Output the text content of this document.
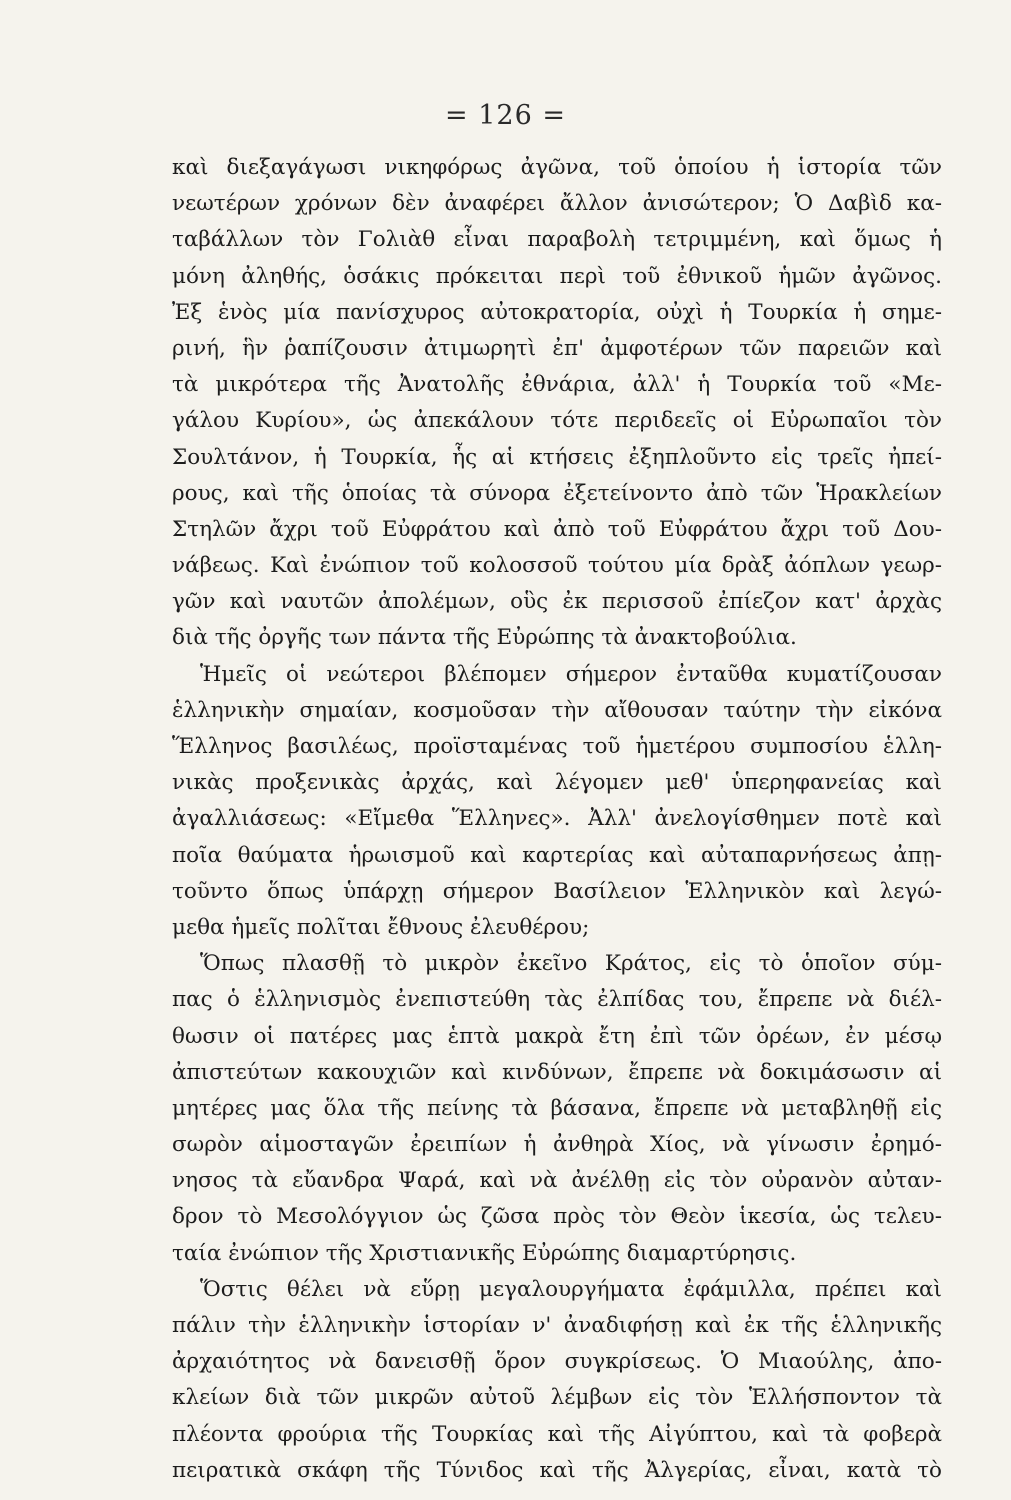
= 126 =
καὶ διεξαγάγωσι νικηφόρως ἀγῶνα, τοῦ ὁποίου ἡ ἱστορία τῶν
νεωτέρων χρόνων δὲν ἀναφέρει ἄλλον ἀνισώτερον; Ὁ Δαβὶδ κα-
ταβάλλων τὸν Γολιὰθ εἶναι παραβολὴ τετριμμένη, καὶ ὅμως ἡ
μόνη ἀληθής, ὁσάκις πρόκειται περὶ τοῦ ἐθνικοῦ ἡμῶν ἀγῶνος.
Ἐξ ἑνὸς μία πανίσχυρος αὐτοκρατορία, οὐχὶ ἡ Τουρκία ἡ σημε-
ρινή, ἣν ῥαπίζουσιν ἀτιμωρητὶ ἐπ' ἀμφοτέρων τῶν παρειῶν καὶ
τὰ μικρότερα τῆς Ἀνατολῆς ἐθνάρια, ἀλλ' ἡ Τουρκία τοῦ «Με-
γάλου Κυρίου», ὡς ἀπεκάλουν τότε περιδεεῖς οἱ Εὐρωπαῖοι τὸν
Σουλτάνον, ἡ Τουρκία, ἧς αἱ κτήσεις ἐξηπλοῦντο εἰς τρεῖς ἠπεί-
ρους, καὶ τῆς ὁποίας τὰ σύνορα ἐξετείνοντο ἀπὸ τῶν Ἡρακλείων
Στηλῶν ἄχρι τοῦ Εὐφράτου καὶ ἀπὸ τοῦ Εὐφράτου ἄχρι τοῦ Δου-
νάβεως. Καὶ ἐνώπιον τοῦ κολοσσοῦ τούτου μία δρὰξ ἀόπλων γεωρ-
γῶν καὶ ναυτῶν ἀπολέμων, οὓς ἐκ περισσοῦ ἐπίεζον κατ' ἀρχὰς
διὰ τῆς ὀργῆς των πάντα τῆς Εὐρώπης τὰ ἀνακτοβούλια.
Ἡμεῖς οἱ νεώτεροι βλέπομεν σήμερον ἐνταῦθα κυματίζουσαν
ἑλληνικὴν σημαίαν, κοσμοῦσαν τὴν αἴθουσαν ταύτην τὴν εἰκόνα
Ἕλληνος βασιλέως, προϊσταμένας τοῦ ἡμετέρου συμποσίου ἑλλη-
νικὰς προξενικὰς ἀρχάς, καὶ λέγομεν μεθ' ὑπερηφανείας καὶ
ἀγαλλιάσεως: «Εἴμεθα Ἕλληνες». Ἀλλ' ἀνελογίσθημεν ποτὲ καὶ
ποῖα θαύματα ἡρωισμοῦ καὶ καρτερίας καὶ αὐταπαρνήσεως ἀπῃ-
τοῦντο ὅπως ὑπάρχῃ σήμερον Βασίλειον Ἑλληνικὸν καὶ λεγώ-
μεθα ἡμεῖς πολῖται ἔθνους ἐλευθέρου;
Ὅπως πλασθῇ τὸ μικρὸν ἐκεῖνο Κράτος, εἰς τὸ ὁποῖον σύμ-
πας ὁ ἑλληνισμὸς ἐνεπιστεύθη τὰς ἐλπίδας του, ἔπρεπε νὰ διέλ-
θωσιν οἱ πατέρες μας ἑπτὰ μακρὰ ἔτη ἐπὶ τῶν ὀρέων, ἐν μέσῳ
ἀπιστεύτων κακουχιῶν καὶ κινδύνων, ἔπρεπε νὰ δοκιμάσωσιν αἱ
μητέρες μας ὅλα τῆς πείνης τὰ βάσανα, ἔπρεπε νὰ μεταβληθῇ εἰς
σωρὸν αἱμοσταγῶν ἐρειπίων ἡ ἀνθηρὰ Χίος, νὰ γίνωσιν ἐρημό-
νησος τὰ εὔανδρα Ψαρά, καὶ νὰ ἀνέλθῃ εἰς τὸν οὐρανὸν αὐταν-
δρον τὸ Μεσολόγγιον ὡς ζῶσα πρὸς τὸν Θεὸν ἱκεσία, ὡς τελευ-
ταία ἐνώπιον τῆς Χριστιανικῆς Εὐρώπης διαμαρτύρησις.
Ὅστις θέλει νὰ εὕρῃ μεγαλουργήματα ἐφάμιλλα, πρέπει καὶ
πάλιν τὴν ἑλληνικὴν ἱστορίαν ν' ἀναδιφήσῃ καὶ ἐκ τῆς ἑλληνικῆς
ἀρχαιότητος νὰ δανεισθῇ ὅρον συγκρίσεως. Ὁ Μιαούλης, ἀπο-
κλείων διὰ τῶν μικρῶν αὐτοῦ λέμβων εἰς τὸν Ἑλλήσποντον τὰ
πλέοντα φρούρια τῆς Τουρκίας καὶ τῆς Αἰγύπτου, καὶ τὰ φοβερὰ
πειρατικὰ σκάφη τῆς Τύνιδος καὶ τῆς Ἀλγερίας, εἶναι, κατὰ τὸ
